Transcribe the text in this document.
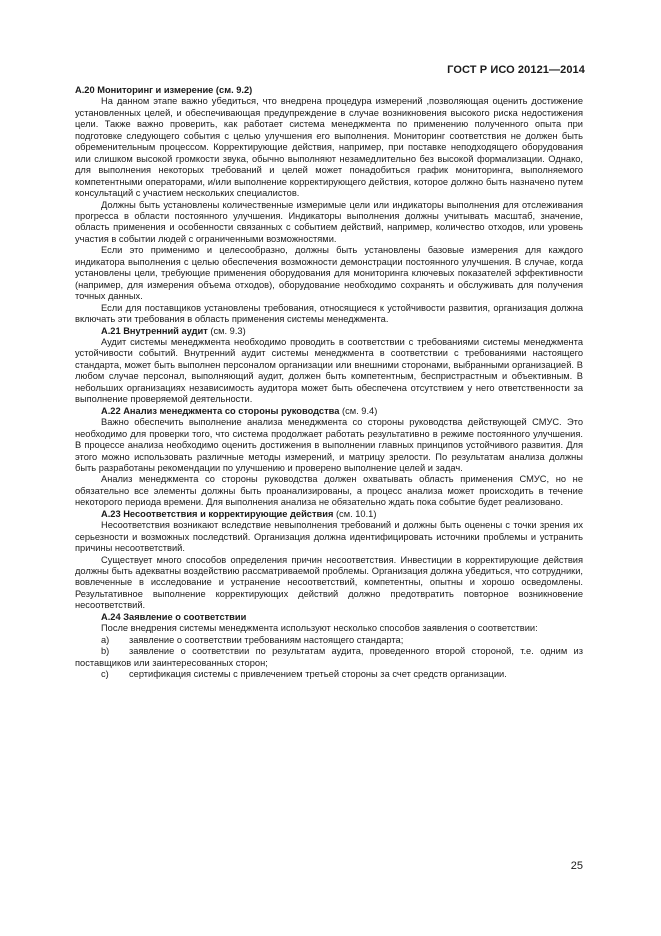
ГОСТ Р ИСО 20121—2014

А.20 Мониторинг и измерение (см. 9.2)

На данном этапе важно убедиться, что внедрена процедура измерений ,позволяющая оценить достижение установленных целей, и обеспечивающая предупреждение в случае возникновения высокого риска недостижения цели. Также важно проверить, как работает система менеджмента по применению полученного опыта при подготовке следующего события с целью улучшения его выполнения. Мониторинг соответствия не должен быть обременительным процессом. Корректирующие действия, например, при поставке неподходящего оборудования или слишком высокой громкости звука, обычно выполняют незамедлительно без высокой формализации. Однако, для выполнения некоторых требований и целей может понадобиться график мониторинга, выполняемого компетентными операторами, и/или выполнение корректирующего действия, которое должно быть назначено путем консультаций с участием нескольких специалистов.

Должны быть установлены количественные измеримые цели или индикаторы выполнения для отслеживания прогресса в области постоянного улучшения. Индикаторы выполнения должны учитывать масштаб, значение, область применения и особенности связанных с событием действий, например, количество отходов, или уровень участия в событии людей с ограниченными возможностями.

Если это применимо и целесообразно, должны быть установлены базовые измерения для каждого индикатора выполнения с целью обеспечения возможности демонстрации постоянного улучшения. В случае, когда установлены цели, требующие применения оборудования для мониторинга ключевых показателей эффективности (например, для измерения объема отходов), оборудование необходимо сохранять и обслуживать для получения точных данных.

Если для поставщиков установлены требования, относящиеся к устойчивости развития, организация должна включать эти требования в область применения системы менеджмента.

А.21 Внутренний аудит (см. 9.3)

Аудит системы менеджмента необходимо проводить в соответствии с требованиями системы менеджмента устойчивости событий. Внутренний аудит системы менеджмента в соответствии с требованиями настоящего стандарта, может быть выполнен персоналом организации или внешними сторонами, выбранными организацией. В любом случае персонал, выполняющий аудит, должен быть компетентным, беспристрастным и объективным. В небольших организациях независимость аудитора может быть обеспечена отсутствием у него ответственности за выполнение проверяемой деятельности.

А.22 Анализ менеджмента со стороны руководства (см. 9.4)

Важно обеспечить выполнение анализа менеджмента со стороны руководства действующей СМУС. Это необходимо для проверки того, что система продолжает работать результативно в режиме постоянного улучшения. В процессе анализа необходимо оценить достижения в выполнении главных принципов устойчивого развития. Для этого можно использовать различные методы измерений, и матрицу зрелости. По результатам анализа должны быть разработаны рекомендации по улучшению и проверено выполнение целей и задач.

Анализ менеджмента со стороны руководства должен охватывать область применения СМУС, но не обязательно все элементы должны быть проанализированы, а процесс анализа может происходить в течение некоторого периода времени. Для выполнения анализа не обязательно ждать пока событие будет реализовано.

А.23 Несоответствия и корректирующие действия (см. 10.1)

Несоответствия возникают вследствие невыполнения требований и должны быть оценены с точки зрения их серьезности и возможных последствий. Организация должна идентифицировать источники проблемы и устранить причины несоответствий.

Существует много способов определения причин несоответствия. Инвестиции в корректирующие действия должны быть адекватны воздействию рассматриваемой проблемы. Организация должна убедиться, что сотрудники, вовлеченные в исследование и устранение несоответствий, компетентны, опытны и хорошо осведомлены. Результативное выполнение корректирующих действий должно предотвратить повторное возникновение несоответствий.

А.24 Заявление о соответствии

После внедрения системы менеджмента используют несколько способов заявления о соответствии:

a) заявление о соответствии требованиям настоящего стандарта;

b) заявление о соответствии по результатам аудита, проведенного второй стороной, т.е. одним из поставщиков или заинтересованных сторон;

c) сертификация системы с привлечением третьей стороны за счет средств организации.

25
